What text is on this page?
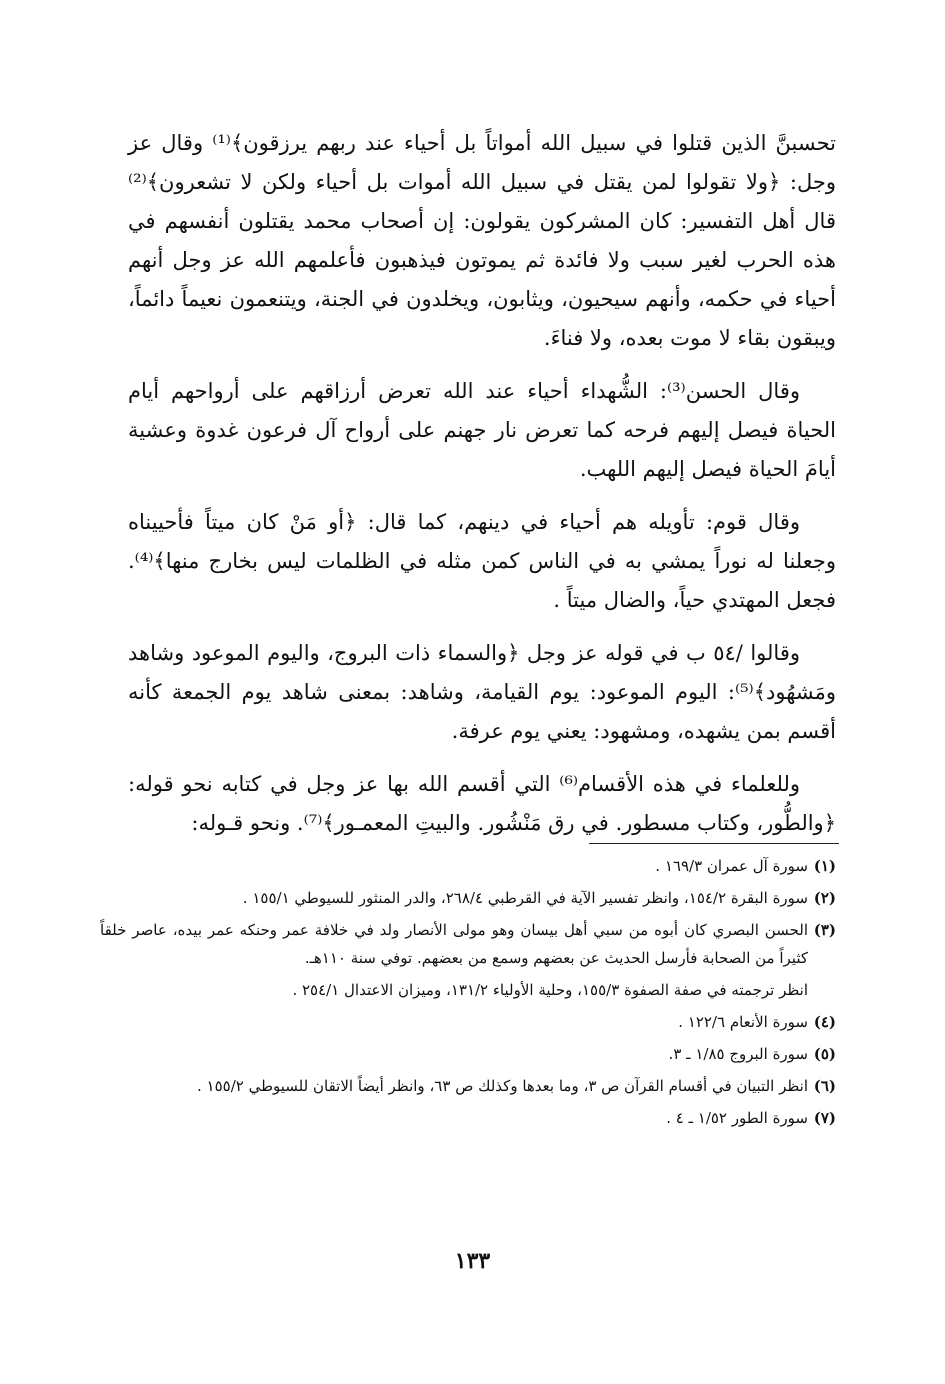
تحسبنَّ الذين قتلوا في سبيل الله أمواتاً بل أحياء عند ربهم يرزقون﴾⁽¹⁾ وقال عز وجل: ﴿ولا تقولوا لمن يقتل في سبيل الله أموات بل أحياء ولكن لا تشعرون﴾⁽²⁾ قال أهل التفسير: كان المشركون يقولون: إن أصحاب محمد يقتلون أنفسهم في هذه الحرب لغير سبب ولا فائدة ثم يموتون فيذهبون فأعلمهم الله عز وجل أنهم أحياء في حكمه، وأنهم سيحيون، ويثابون، ويخلدون في الجنة، ويتنعمون نعيماً دائماً، ويبقون بقاء لا موت بعده، ولا فناءَ.

وقال الحسن⁽³⁾: الشُّهداء أحياء عند الله تعرض أرزاقهم على أرواحهم أيام الحياة فيصل إليهم فرحه كما تعرض نار جهنم على أرواح آل فرعون غدوة وعشية أيامَ الحياة فيصل إليهم اللهب.

وقال قوم: تأويله هم أحياء في دينهم، كما قال: ﴿أو مَنْ كان ميتاً فأحييناه وجعلنا له نوراً يمشي به في الناس كمن مثله في الظلمات ليس بخارج منها﴾⁽⁴⁾. فجعل المهتدي حياً، والضال ميتاً .

وقالوا /٥٤ ب في قوله عز وجل ﴿والسماء ذات البروج، واليوم الموعود وشاهد ومَشهُود﴾⁽⁵⁾: اليوم الموعود: يوم القيامة، وشاهد: بمعنى شاهد يوم الجمعة كأنه أقسم بمن يشهده، ومشهود: يعني يوم عرفة.

وللعلماء في هذه الأقسام⁽⁶⁾ التي أقسم الله بها عز وجل في كتابه نحو قوله: ﴿والطُّور، وكتاب مسطور. في رق مَنْشُور. والبيتِ المعمـور﴾⁽⁷⁾. ونحو قـوله:

(١)سورة آل عمران ١٦٩/٣ .
(٢)سورة البقرة ١٥٤/٢، وانظر تفسير الآية في القرطبي ٢٦٨/٤، والدر المنثور للسيوطي ١٥٥/١ .
(٣)الحسن البصري كان أبوه من سبي أهل بيسان وهو مولى الأنصار ولد في خلافة عمر وحنكه عمر بيده، عاصر خلقاً كثيراً من الصحابة فأرسل الحديث عن بعضهم وسمع من بعضهم. توفي سنة ١١٠هـ.
انظر ترجمته في صفة الصفوة ١٥٥/٣، وحلية الأولياء ١٣١/٢، وميزان الاعتدال ٢٥٤/١ .
(٤)سورة الأنعام ١٢٢/٦ .
(٥)سورة البروج ١/٨٥ ـ ٣.
(٦)انظر التبيان في أقسام القرآن ص ٣، وما بعدها وكذلك ص ٦٣، وانظر أيضاً الاتقان للسيوطي ١٥٥/٢ .
(٧)سورة الطور ١/٥٢ ـ ٤ .
١٣٣
